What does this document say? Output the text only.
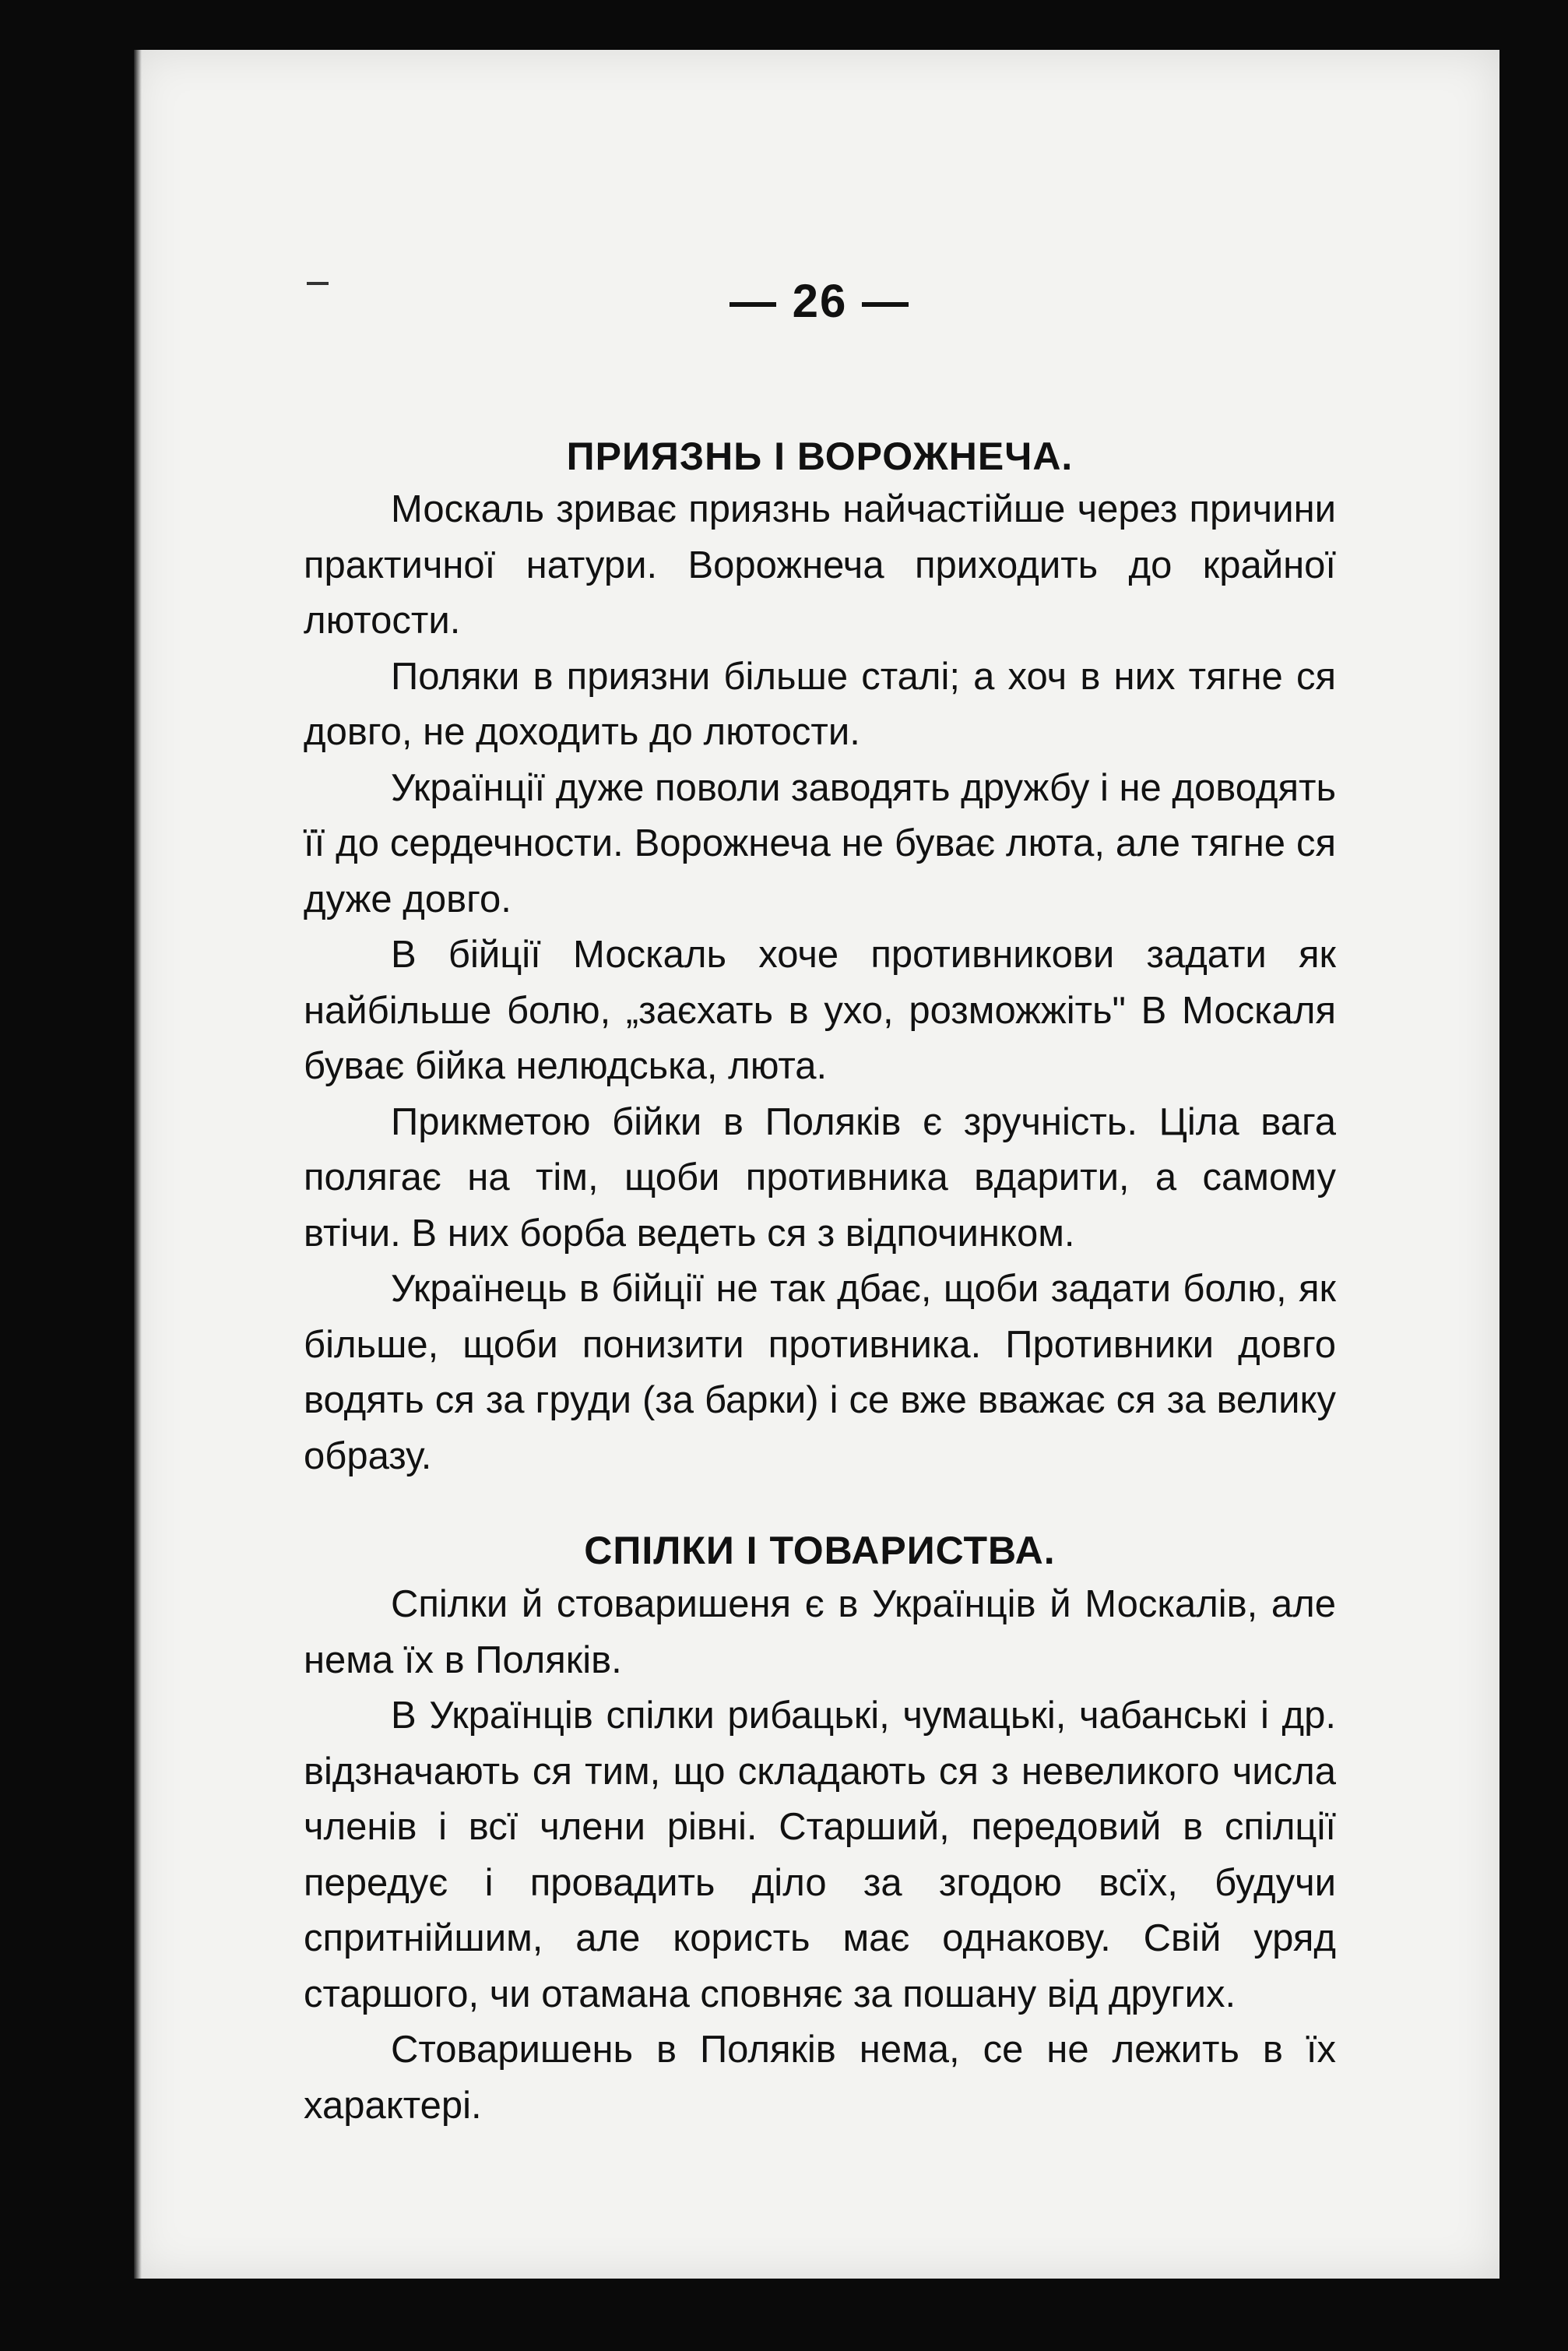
— 26 —
ПРИЯЗНЬ І ВОРОЖНЕЧА.

Москаль зриває приязнь найчастійше через причини практичної натури. Ворожнеча приходить до крайної лютости.

Поляки в приязни більше сталі; а хоч в них тягне ся довго, не доходить до лютости.

Українції дуже поволи заводять дружбу і не доводять її до сердечности. Ворожнеча не буває люта, але тягне ся дуже довго.

В бійції Москаль хоче противникови задати як найбільше болю, „заєхать в ухо, розможжіть" В Москаля буває бійка нелюдська, люта.

Прикметою бійки в Поляків є зручність. Ціла вага полягає на тім, щоби противника вдарити, а самому втічи. В них борба ведеть ся з відпочинком.

Українець в бійції не так дбає, щоби задати болю, як більше, щоби понизити противника. Противники довго водять ся за груди (за барки) і се вже вважає ся за велику образу.

СПІЛКИ І ТОВАРИСТВА.

Спілки й стоваришеня є в Українців й Москалів, але нема їх в Поляків.

В Українців спілки рибацькі, чумацькі, чабанські і др. відзначають ся тим, що складають ся з невеликого числа членів і всї члени рівні. Старший, передовий в спілції передує і провадить діло за згодою всїх, будучи спритнійшим, але користь має однакову. Свій уряд старшого, чи отамана сповняє за пошану від других.

Стоваришень в Поляків нема, се не лежить в їх характері.
